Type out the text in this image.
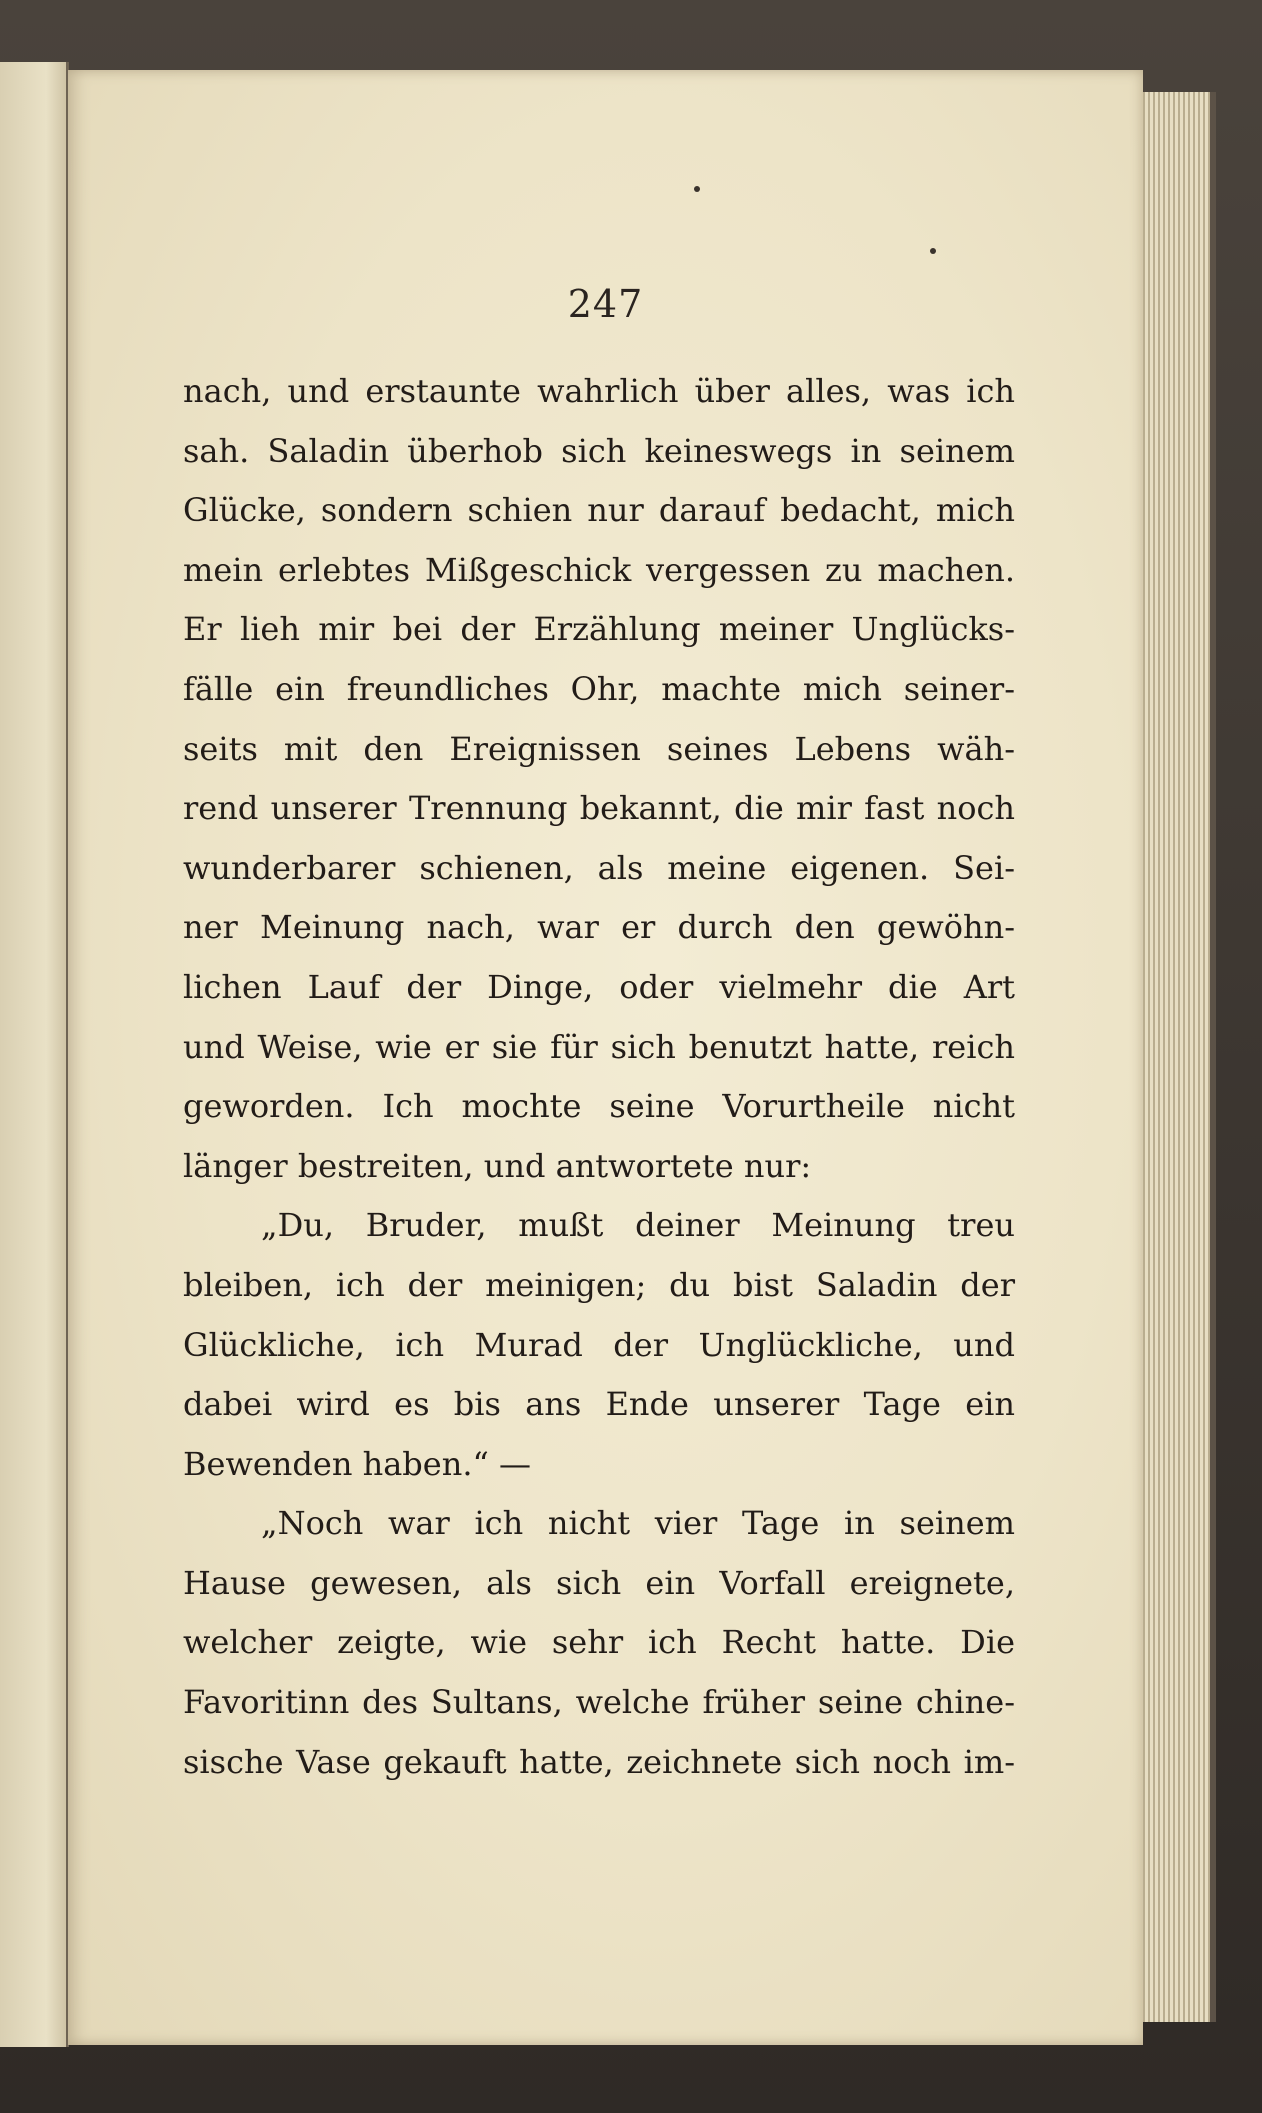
247
nach, und erstaunte wahrlich über alles, was ich
sah. Saladin überhob sich keineswegs in seinem
Glücke, sondern schien nur darauf bedacht, mich
mein erlebtes Mißgeschick vergessen zu machen.
Er lieh mir bei der Erzählung meiner Unglücks-
fälle ein freundliches Ohr, machte mich seiner-
seits mit den Ereignissen seines Lebens wäh-
rend unserer Trennung bekannt, die mir fast noch
wunderbarer schienen, als meine eigenen. Sei-
ner Meinung nach, war er durch den gewöhn-
lichen Lauf der Dinge, oder vielmehr die Art
und Weise, wie er sie für sich benutzt hatte, reich
geworden. Ich mochte seine Vorurtheile nicht
länger bestreiten, und antwortete nur:
„Du, Bruder, mußt deiner Meinung treu
bleiben, ich der meinigen; du bist Saladin der
Glückliche, ich Murad der Unglückliche, und
dabei wird es bis ans Ende unserer Tage ein
Bewenden haben.“ —
„Noch war ich nicht vier Tage in seinem
Hause gewesen, als sich ein Vorfall ereignete,
welcher zeigte, wie sehr ich Recht hatte. Die
Favoritinn des Sultans, welche früher seine chine-
sische Vase gekauft hatte, zeichnete sich noch im-
